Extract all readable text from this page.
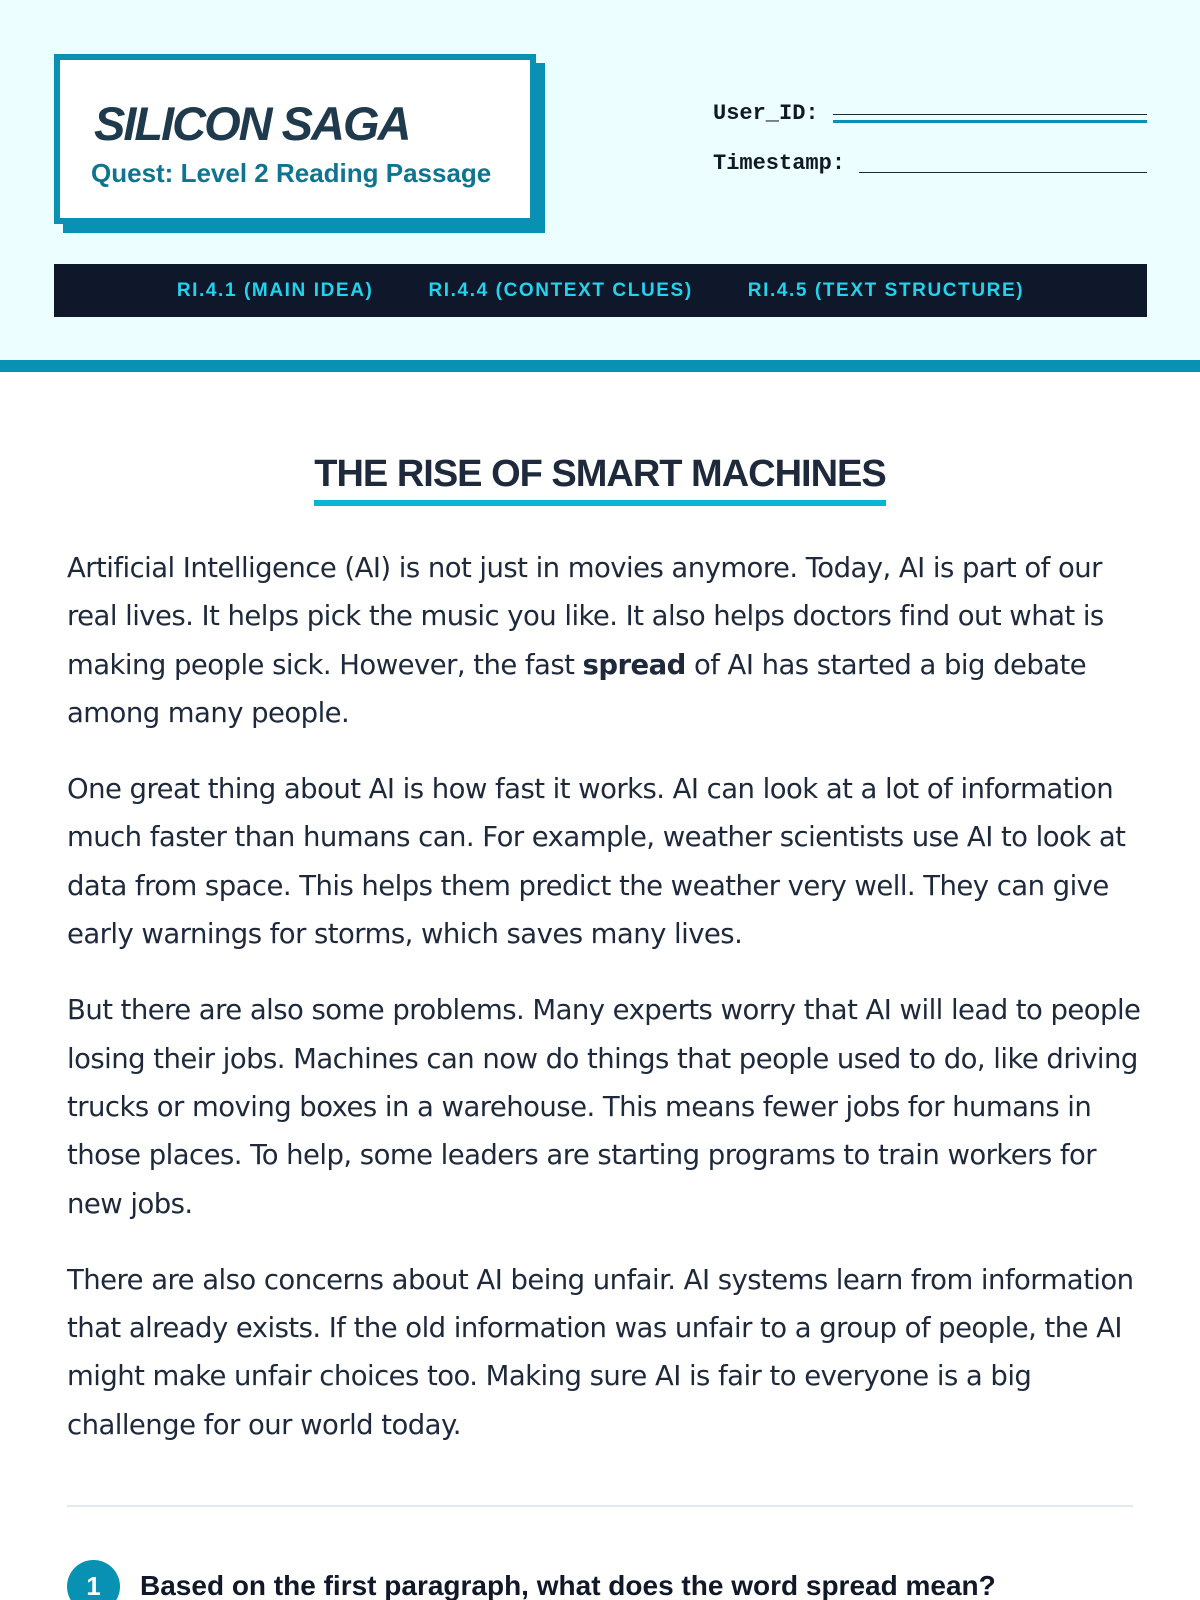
SILICON SAGA
Quest: Level 2 Reading Passage
User_ID:
Timestamp:
RI.4.1 (MAIN IDEA)	RI.4.4 (CONTEXT CLUES)	RI.4.5 (TEXT STRUCTURE)
THE RISE OF SMART MACHINES

Artificial Intelligence (AI) is not just in movies anymore. Today, AI is part of our real lives. It helps pick the music you like. It also helps doctors find out what is making people sick. However, the fast spread of AI has started a big debate among many people.

One great thing about AI is how fast it works. AI can look at a lot of information much faster than humans can. For example, weather scientists use AI to look at data from space. This helps them predict the weather very well. They can give early warnings for storms, which saves many lives.

But there are also some problems. Many experts worry that AI will lead to people losing their jobs. Machines can now do things that people used to do, like driving trucks or moving boxes in a warehouse. This means fewer jobs for humans in those places. To help, some leaders are starting programs to train workers for new jobs.

There are also concerns about AI being unfair. AI systems learn from information that already exists. If the old information was unfair to a group of people, the AI might make unfair choices too. Making sure AI is fair to everyone is a big challenge for our world today.

1	Based on the first paragraph, what does the word spread mean?
